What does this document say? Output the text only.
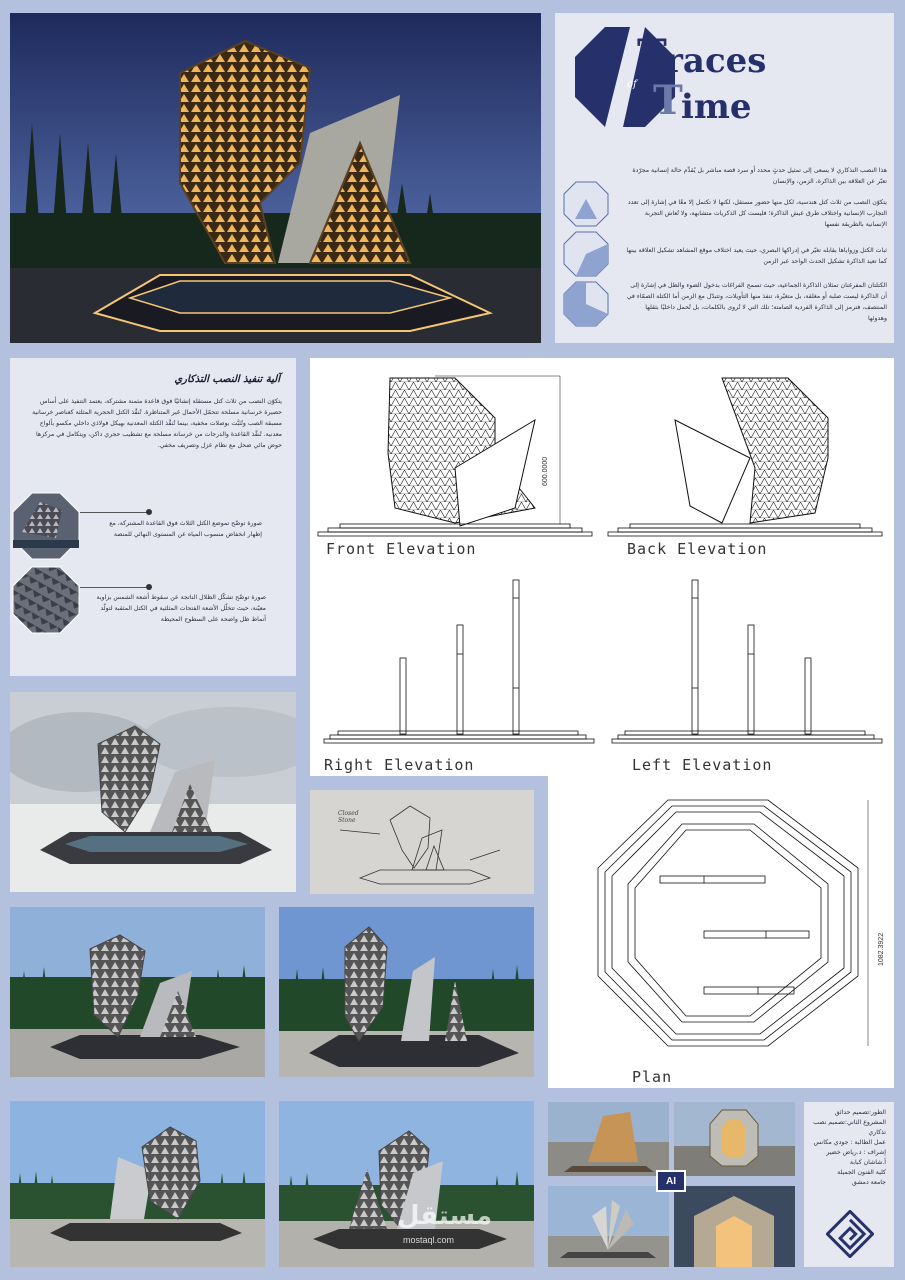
T
races
of T
ime

هذا النصب التذكاري لا يسعى إلى تمثيل حدثٍ محدد أو سرد قصة مباشر بل يُقدِّم حالة إنسانية مجرّدة تعبّر عن العلاقة بين الذاكرة، الزمن، والإنسان

يتكوّن النصب من ثلاث كتل هندسية، لكل منها حضور مستقل، لكنها لا تكتمل إلا معًا في إشارة إلى تعدد التجارب الإنسانية واختلاف طرق عيش الذاكرة؛ فليست كل الذكريات متشابهة، ولا تُعاش التجربة الإنسانية بالطريقة نفسها

ثبات الكتل وزواياها يقابله تغيّر في إدراكها البصري، حيث يعيد اختلاف موقع المشاهد تشكيل العلاقة بينها كما تعيد الذاكرة تشكيل الحدث الواحد عبر الزمن

الكتلتان المفرغتان تمثلان الذاكرة الجماعية، حيث تسمح الفراغات بدخول الضوء والظل في إشارة إلى أن الذاكرة ليست صلبة أو مغلقة، بل متغيّرة، تنفذ منها التأويلات، وتتبدّل مع الزمن أما الكتلة الصمّاء في المنتصف، فترمز إلى الذاكرة الفردية الصامتة؛ تلك التي لا تُروى بالكلمات، بل تُحمل داخليًا بثقلها وهدوئها

آلية تنفيذ النصب التذكاري

يتكوّن النصب من ثلاث كتل مستقلة إنشائيًا فوق قاعدة مثمنة مشتركة، يعتمد التنفيذ على أساس حصيرة خرسانية مسلحة تتحمّل الأحمال غير المتناظرة. تُنفَّذ الكتل الحجرية المثلثة كعناصر خرسانية مسبقة الصب وتُثبَّت بوصلات مخفية، بينما تُنفَّذ الكتلة المعدنية بهيكل فولاذي داخلي مكسو بألواح معدنية. تُنفَّذ القاعدة والدرجات من خرسانة مسلحة مع تشطيب حجري داكن، ويتكامل في مركزها حوض مائي ضحل مع نظام عزل وتصريف مخفي.

صورة توضّح تموضع الكتل الثلاث فوق القاعدة المشتركة، مع إظهار انخفاض منسوب المياه عن المستوى النهائي للمنصة

صورة توضّح تشكّل الظلال الناتجة عن سقوط أشعة الشمس بزاوية معيّنة، حيث تتخلّل الأشعة الفتحات المثلثية في الكتل المثقبة لتولّد أنماط ظل واضحة على السطوح المحيطة

600.0000
Front Elevation	Back Elevation
Right Elevation	Left Elevation
1082.3922
Plan
Closed Stone
مستقل
mostaql.com
AI
الطور:تصميم حدائق
المشروع الثاني:تصميم نصب تذكاري
عمل الطالبة : جودي مكانس
إشراف : د.رياض خضير
أ.شاشان كبابة
كلية الفنون الجميلة
جامعة دمشق
